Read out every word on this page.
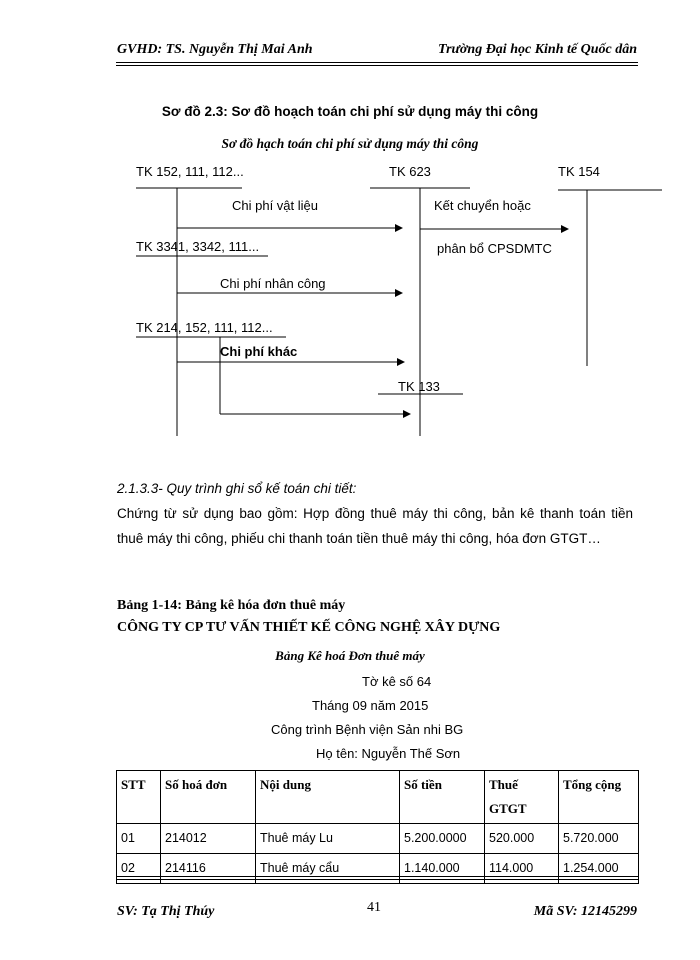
GVHD: TS. Nguyễn Thị Mai Anh	Trường Đại học Kinh tế Quốc dân
Sơ đồ 2.3: Sơ đồ hoạch toán chi phí sử dụng máy thi công
Sơ đồ hạch toán chi phí sử dụng máy thi công
TK 152, 111, 112...	TK 623	TK 154
Chi phí vật liệu	Kết chuyển hoặc
phân bổ CPSDMTC
TK 3341, 3342, 111...
Chi phí nhân công
TK 214, 152, 111, 112...
Chi phí khác
TK 133
2.1.3.3- Quy trình ghi sổ kế toán chi tiết:
Chứng từ sử dụng bao gồm: Hợp đồng thuê máy thi công, bản kê thanh toán tiền
thuê máy thi công, phiếu chi thanh toán tiền thuê máy thi công, hóa đơn GTGT…
Bảng 1-14: Bảng kê hóa đơn thuê máy
CÔNG TY CP TƯ VẤN THIẾT KẾ CÔNG NGHỆ XÂY DỰNG
Bảng Kê hoá Đơn thuê máy
Tờ kê số 64
Tháng 09 năm 2015
Công trình Bệnh viện Sản nhi BG
Họ tên: Nguyễn Thế Sơn
STT	Số hoá đơn	Nội dung	Số tiền	Thuế GTGT	Tổng cộng
01	214012	Thuê máy Lu	5.200.0000	520.000	5.720.000
02	214116	Thuê máy cẩu	1.140.000	114.000	1.254.000
SV: Tạ Thị Thúy	41	Mã SV: 12145299
